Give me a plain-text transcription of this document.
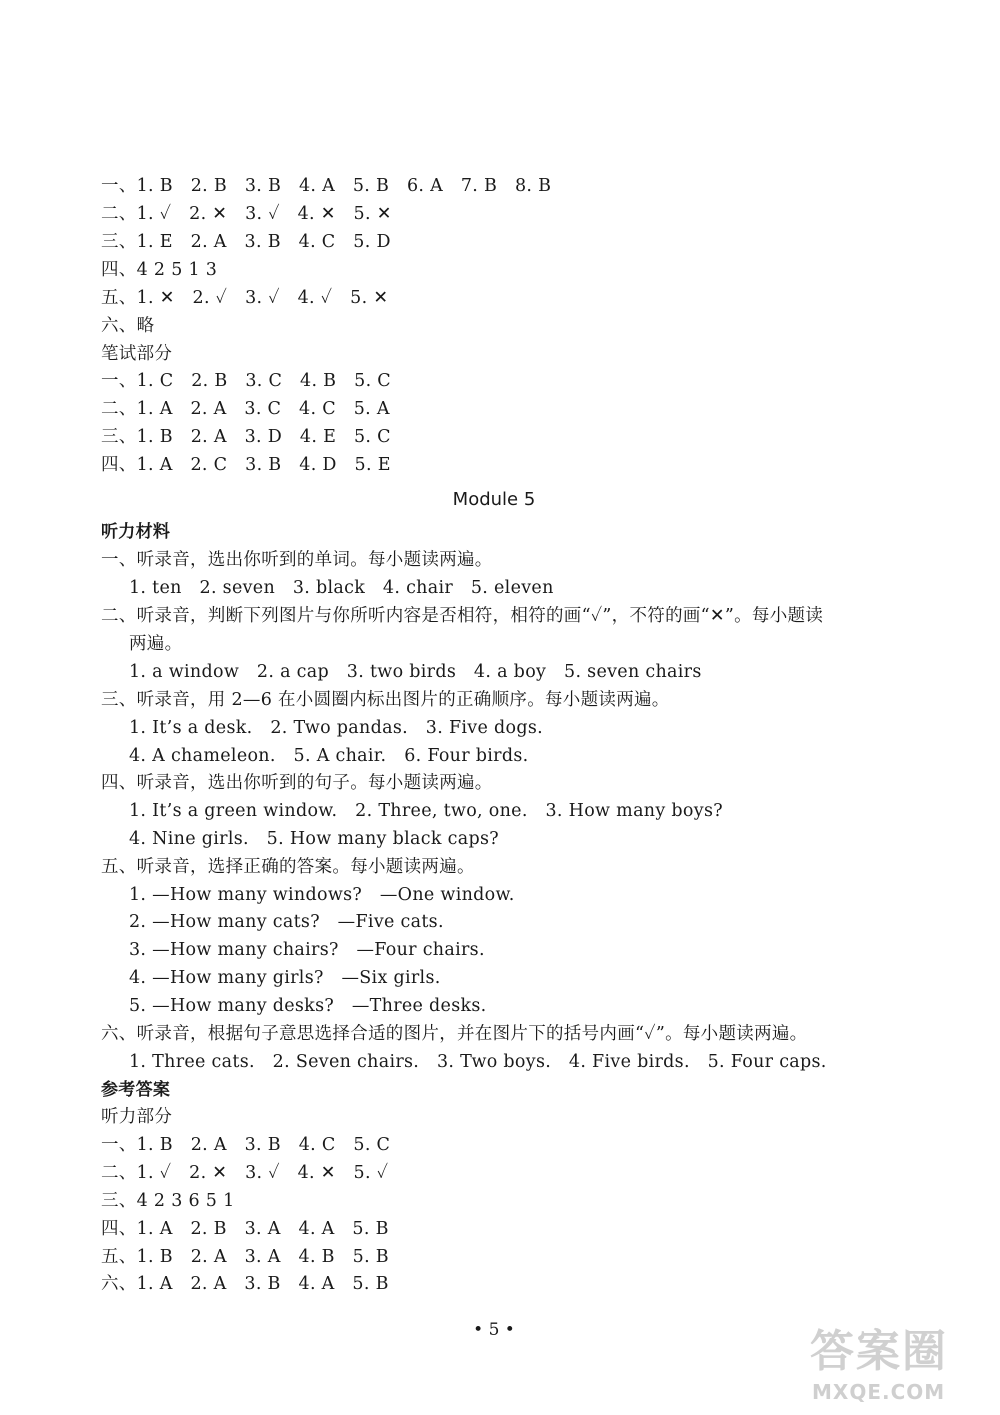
一、1. B　2. B　3. B　4. A　5. B　6. A　7. B　8. B
二、1. ✓　2. ✕　3. ✓　4. ✕　5. ✕
三、1. E　2. A　3. B　4. C　5. D
四、4 2 5 1 3
五、1. ✕　2. ✓　3. ✓　4. ✓　5. ✕
六、略
笔试部分
一、1. C　2. B　3. C　4. B　5. C
二、1. A　2. A　3. C　4. C　5. A
三、1. B　2. A　3. D　4. E　5. C
四、1. A　2. C　3. B　4. D　5. E
Module 5
听力材料
一、听录音，选出你听到的单词。每小题读两遍。
1. ten　2. seven　3. black　4. chair　5. eleven
二、听录音，判断下列图片与你所听内容是否相符，相符的画“✓”，不符的画“✕”。每小题读
两遍。
1. a window　2. a cap　3. two birds　4. a boy　5. seven chairs
三、听录音，用 2—6 在小圆圈内标出图片的正确顺序。每小题读两遍。
1. It’s a desk.　2. Two pandas.　3. Five dogs.
4. A chameleon.　5. A chair.　6. Four birds.
四、听录音，选出你听到的句子。每小题读两遍。
1. It’s a green window.　2. Three, two, one.　3. How many boys?
4. Nine girls.　5. How many black caps?
五、听录音，选择正确的答案。每小题读两遍。
1. —How many windows?　—One window.
2. —How many cats?　—Five cats.
3. —How many chairs?　—Four chairs.
4. —How many girls?　—Six girls.
5. —How many desks?　—Three desks.
六、听录音，根据句子意思选择合适的图片，并在图片下的括号内画“✓”。每小题读两遍。
1. Three cats.　2. Seven chairs.　3. Two boys.　4. Five birds.　5. Four caps.
参考答案
听力部分
一、1. B　2. A　3. B　4. C　5. C
二、1. ✓　2. ✕　3. ✓　4. ✕　5. ✓
三、4 2 3 6 5 1
四、1. A　2. B　3. A　4. A　5. B
五、1. B　2. A　3. A　4. B　5. B
六、1. A　2. A　3. B　4. A　5. B
• 5 •	答案圈
MXQE.COM
